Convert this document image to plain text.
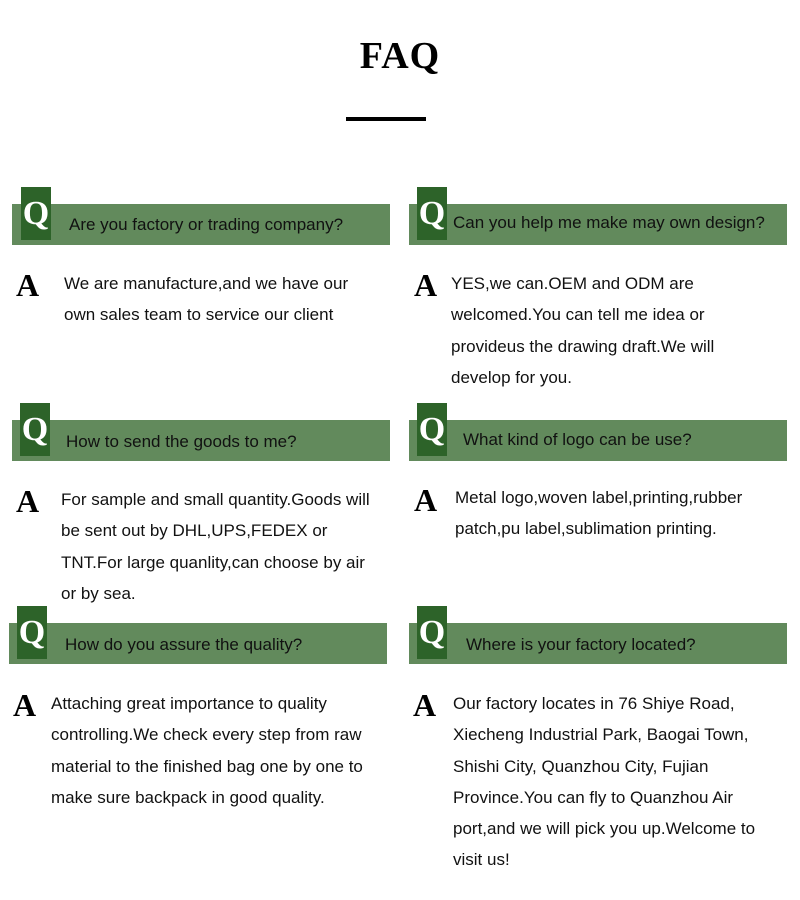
FAQ
Q Are you factory or trading company?
A We are manufacture,and we have our own sales team to service our client
Q Can you help me make may own design?
A YES,we can.OEM and ODM are welcomed.You can tell me idea or provideus the drawing draft.We will develop for you.
Q How to send the goods to me?
A For sample and small quantity.Goods will be sent out by DHL,UPS,FEDEX or TNT.For large quanlity,can choose by air or by sea.
Q What kind of logo can be use?
A Metal logo,woven label,printing,rubber patch,pu label,sublimation printing.
Q How do you assure the quality?
A Attaching great importance to quality controlling.We check every step from raw material to the finished bag one by one to make sure backpack in good quality.
Q Where is your factory located?
A Our factory locates in 76 Shiye Road, Xiecheng Industrial Park, Baogai Town, Shishi City, Quanzhou City, Fujian Province.You can fly to Quanzhou Air port,and we will pick you up.Welcome to visit us!
